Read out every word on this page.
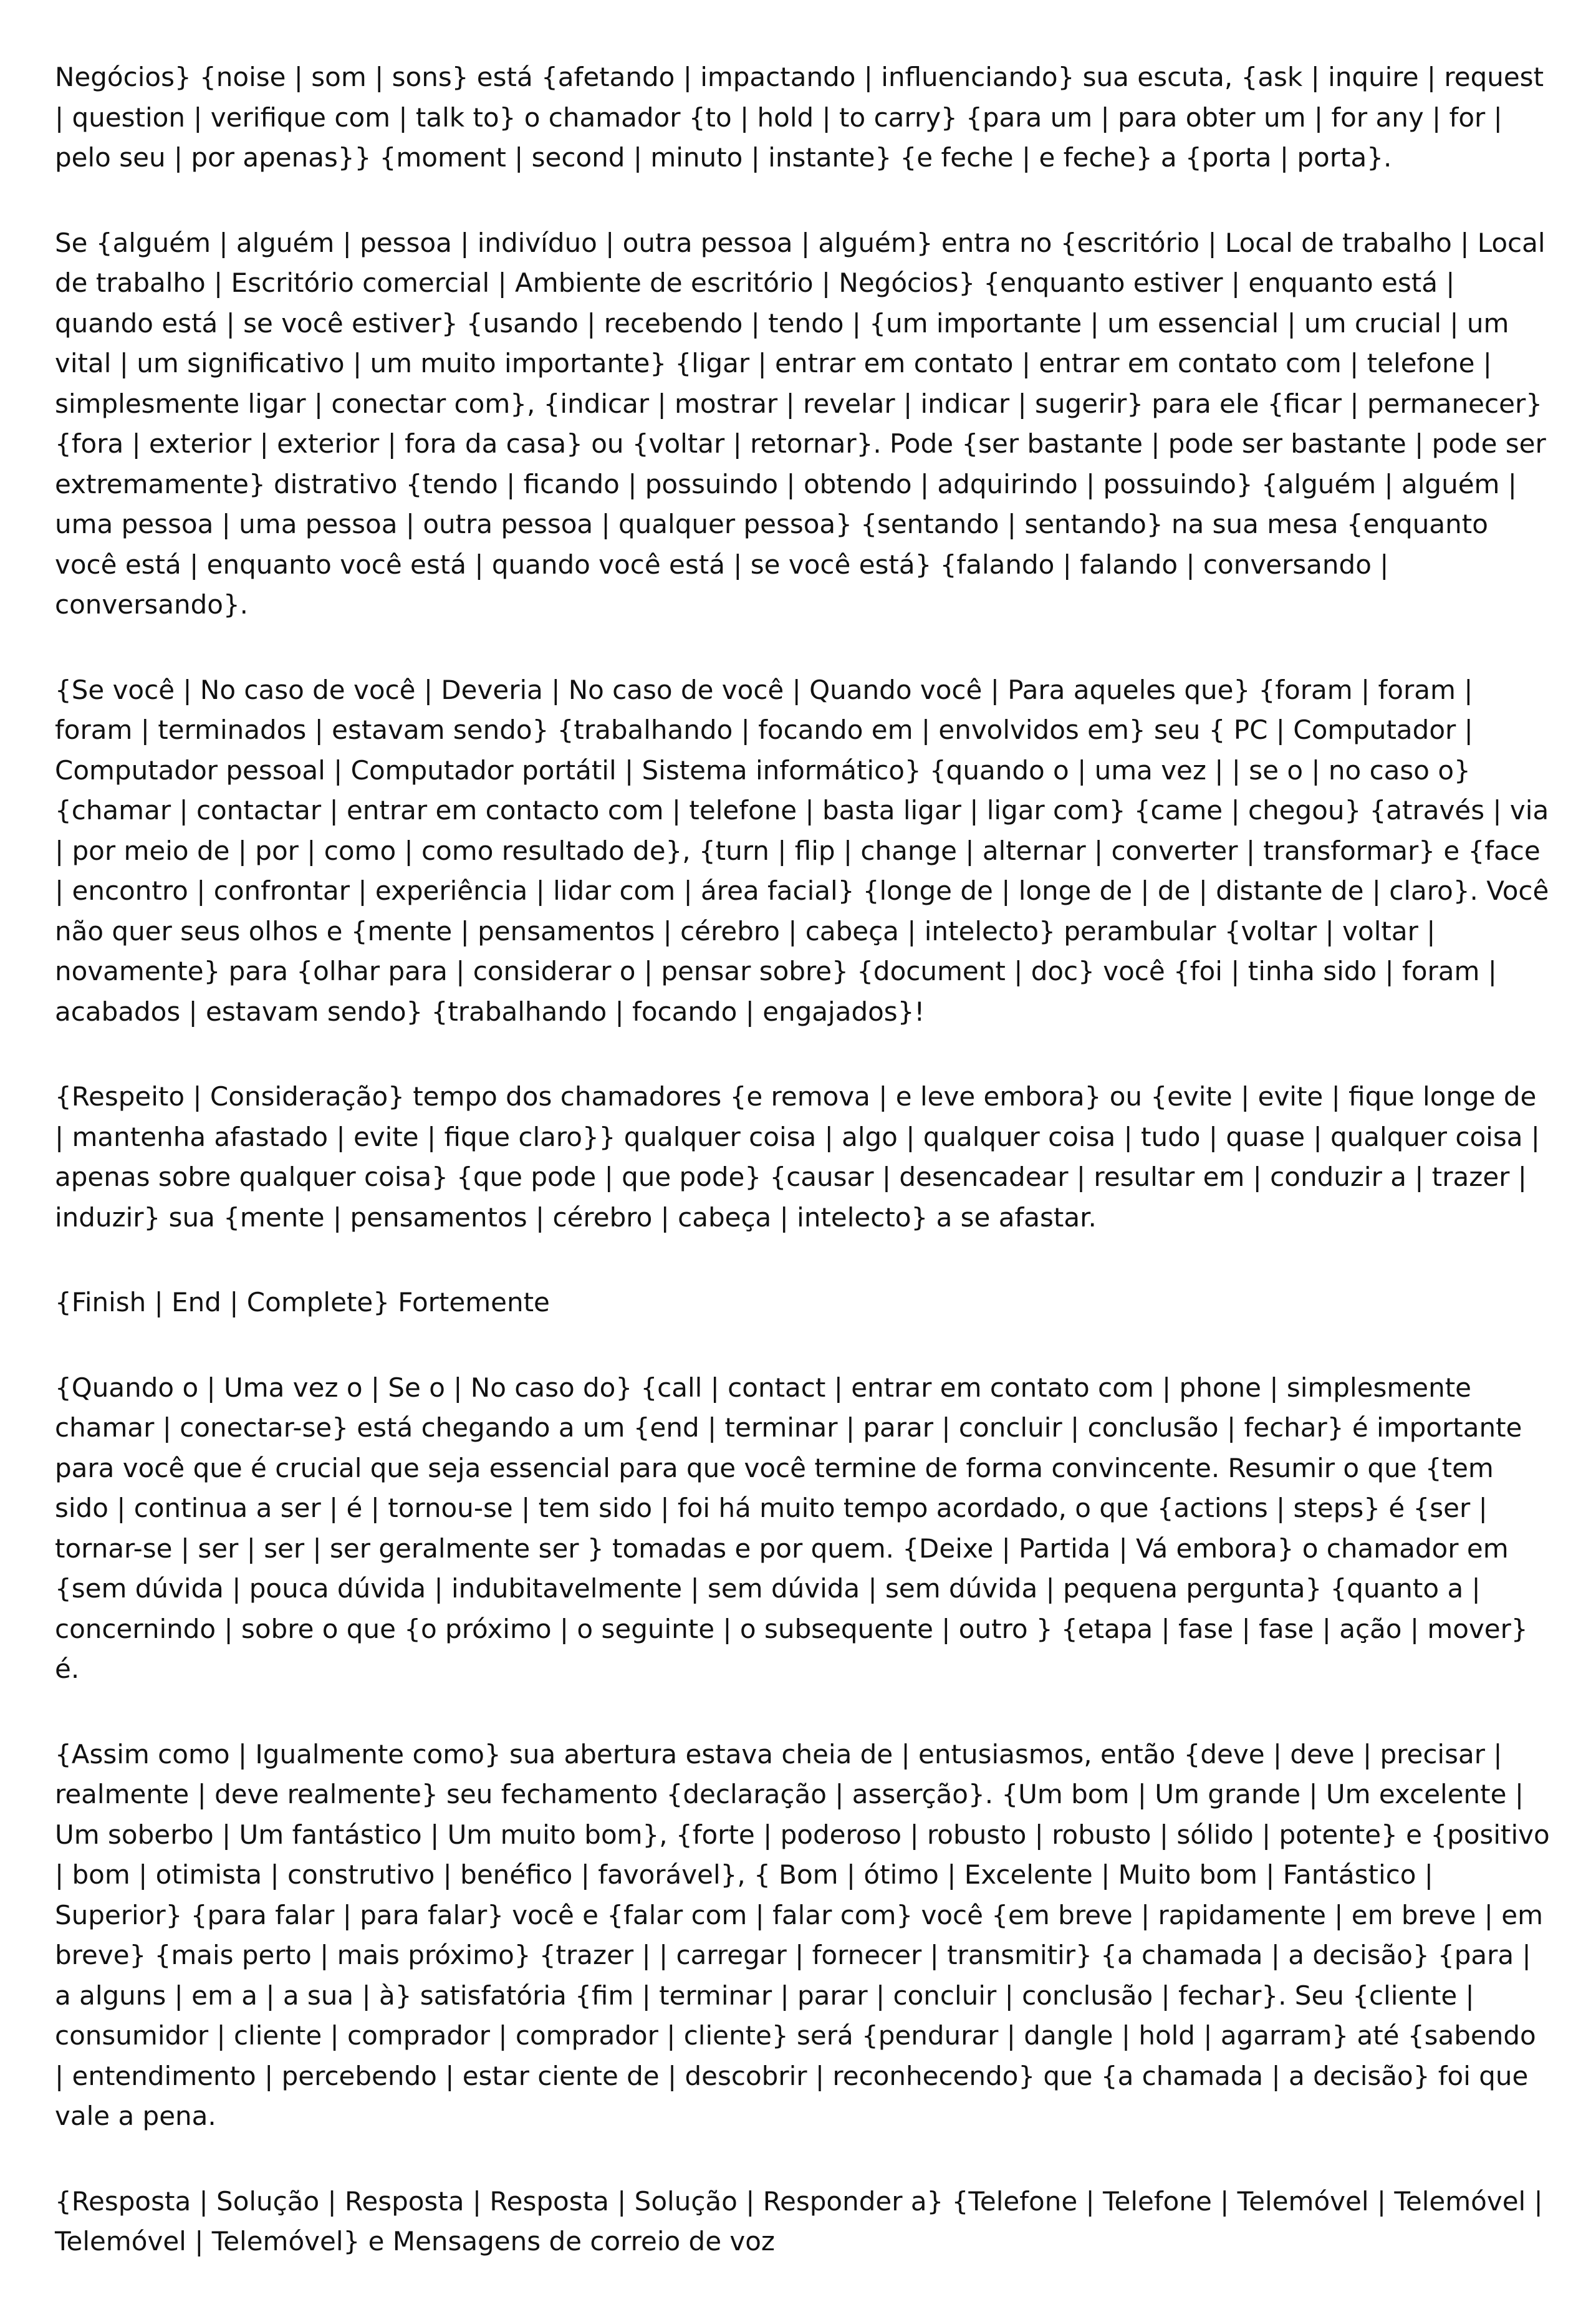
Negócios} {noise | som | sons} está {afetando | impactando | influenciando} sua escuta, {ask | inquire | request | question | verifique com | talk to} o chamador {to | hold | to carry} {para um | para obter um | for any | for | pelo seu | por apenas}} {moment | second | minuto | instante} {e feche | e feche} a {porta | porta}.

Se {alguém | alguém | pessoa | indivíduo | outra pessoa | alguém} entra no {escritório | Local de trabalho | Local de trabalho | Escritório comercial | Ambiente de escritório | Negócios} {enquanto estiver | enquanto está | quando está | se você estiver} {usando | recebendo | tendo | {um importante | um essencial | um crucial | um vital | um significativo | um muito importante} {ligar | entrar em contato | entrar em contato com | telefone | simplesmente ligar | conectar com}, {indicar | mostrar | revelar | indicar | sugerir} para ele {ficar | permanecer} {fora | exterior | exterior | fora da casa} ou {voltar | retornar}. Pode {ser bastante | pode ser bastante | pode ser extremamente} distrativo {tendo | ficando | possuindo | obtendo | adquirindo | possuindo} {alguém | alguém | uma pessoa | uma pessoa | outra pessoa | qualquer pessoa} {sentando | sentando} na sua mesa {enquanto você está | enquanto você está | quando você está | se você está} {falando | falando | conversando | conversando}.

{Se você | No caso de você | Deveria | No caso de você | Quando você | Para aqueles que} {foram | foram | foram | terminados | estavam sendo} {trabalhando | focando em | envolvidos em} seu { PC | Computador | Computador pessoal | Computador portátil | Sistema informático} {quando o | uma vez | | se o | no caso o} {chamar | contactar | entrar em contacto com | telefone | basta ligar | ligar com} {came | chegou} {através | via | por meio de | por | como | como resultado de}, {turn | flip | change | alternar | converter | transformar} e {face | encontro | confrontar | experiência | lidar com | área facial} {longe de | longe de | de | distante de | claro}. Você não quer seus olhos e {mente | pensamentos | cérebro | cabeça | intelecto} perambular {voltar | voltar | novamente} para {olhar para | considerar o | pensar sobre} {document | doc} você {foi | tinha sido | foram | acabados | estavam sendo} {trabalhando | focando | engajados}!

{Respeito | Consideração} tempo dos chamadores {e remova | e leve embora} ou {evite | evite | fique longe de | mantenha afastado | evite | fique claro}} qualquer coisa | algo | qualquer coisa | tudo | quase | qualquer coisa | apenas sobre qualquer coisa} {que pode | que pode} {causar | desencadear | resultar em | conduzir a | trazer | induzir} sua {mente | pensamentos | cérebro | cabeça | intelecto} a se afastar.

{Finish | End | Complete} Fortemente

{Quando o | Uma vez o | Se o | No caso do} {call | contact | entrar em contato com | phone | simplesmente chamar | conectar-se} está chegando a um {end | terminar | parar | concluir | conclusão | fechar} é importante para você que é crucial que seja essencial para que você termine de forma convincente. Resumir o que {tem sido | continua a ser | é | tornou-se | tem sido | foi há muito tempo acordado, o que {actions | steps} é {ser | tornar-se | ser | ser | ser geralmente ser } tomadas e por quem. {Deixe | Partida | Vá embora} o chamador em {sem dúvida | pouca dúvida | indubitavelmente | sem dúvida | sem dúvida | pequena pergunta} {quanto a | concernindo | sobre o que {o próximo | o seguinte | o subsequente | outro } {etapa | fase | fase | ação | mover} é.

{Assim como | Igualmente como} sua abertura estava cheia de | entusiasmos, então {deve | deve | precisar | realmente | deve realmente} seu fechamento {declaração | asserção}. {Um bom | Um grande | Um excelente | Um soberbo | Um fantástico | Um muito bom}, {forte | poderoso | robusto | robusto | sólido | potente} e {positivo | bom | otimista | construtivo | benéfico | favorável}, { Bom | ótimo | Excelente | Muito bom | Fantástico | Superior} {para falar | para falar} você e {falar com | falar com} você {em breve | rapidamente | em breve | em breve} {mais perto | mais próximo} {trazer | | carregar | fornecer | transmitir} {a chamada | a decisão} {para | a alguns | em a | a sua | à} satisfatória {fim | terminar | parar | concluir | conclusão | fechar}. Seu {cliente | consumidor | cliente | comprador | comprador | cliente} será {pendurar | dangle | hold | agarram} até {sabendo | entendimento | percebendo | estar ciente de | descobrir | reconhecendo} que {a chamada | a decisão} foi que vale a pena.

{Resposta | Solução | Resposta | Resposta | Solução | Responder a} {Telefone | Telefone | Telemóvel | Telemóvel | Telemóvel | Telemóvel} e Mensagens de correio de voz
